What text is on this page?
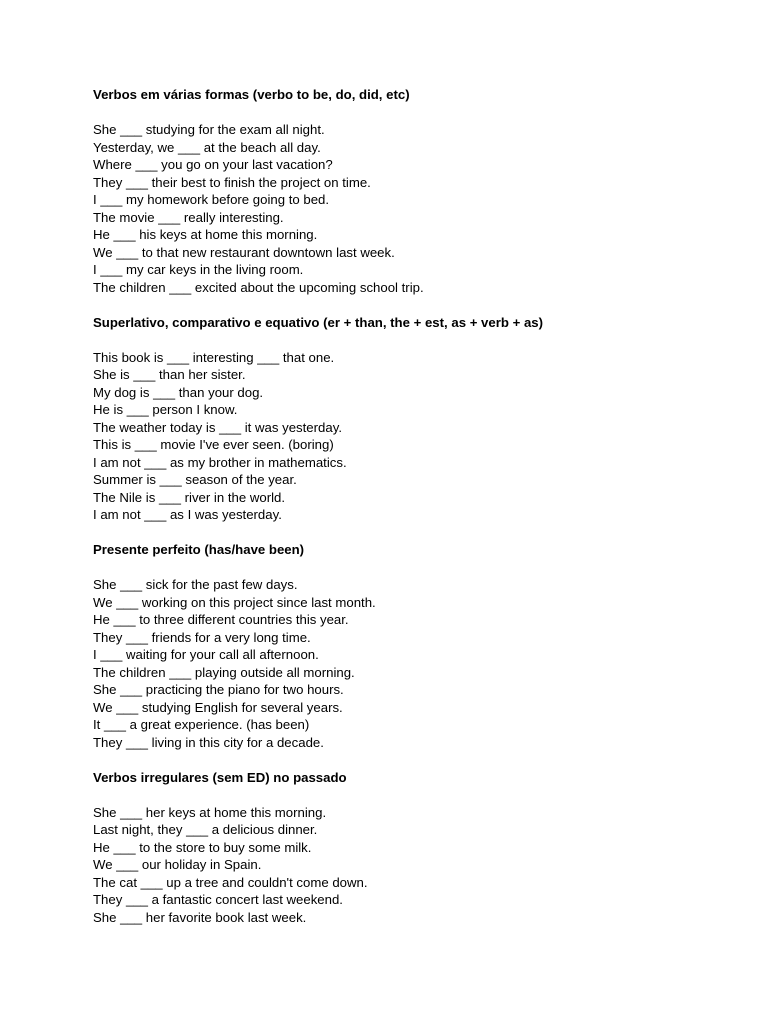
Verbos em várias formas (verbo to be, do, did, etc)
She ___ studying for the exam all night.
Yesterday, we ___ at the beach all day.
Where ___ you go on your last vacation?
They ___ their best to finish the project on time.
I ___ my homework before going to bed.
The movie ___ really interesting.
He ___ his keys at home this morning.
We ___ to that new restaurant downtown last week.
I ___ my car keys in the living room.
The children ___ excited about the upcoming school trip.
Superlativo, comparativo e equativo (er + than, the + est, as + verb + as)
This book is ___ interesting ___ that one.
She is ___ than her sister.
My dog is ___ than your dog.
He is ___ person I know.
The weather today is ___ it was yesterday.
This is ___ movie I've ever seen. (boring)
I am not ___ as my brother in mathematics.
Summer is ___ season of the year.
The Nile is ___ river in the world.
I am not ___ as I was yesterday.
Presente perfeito (has/have been)
She ___ sick for the past few days.
We ___ working on this project since last month.
He ___ to three different countries this year.
They ___ friends for a very long time.
I ___ waiting for your call all afternoon.
The children ___ playing outside all morning.
She ___ practicing the piano for two hours.
We ___ studying English for several years.
It ___ a great experience. (has been)
They ___ living in this city for a decade.
Verbos irregulares (sem ED) no passado
She ___ her keys at home this morning.
Last night, they ___ a delicious dinner.
He ___ to the store to buy some milk.
We ___ our holiday in Spain.
The cat ___ up a tree and couldn't come down.
They ___ a fantastic concert last weekend.
She ___ her favorite book last week.
